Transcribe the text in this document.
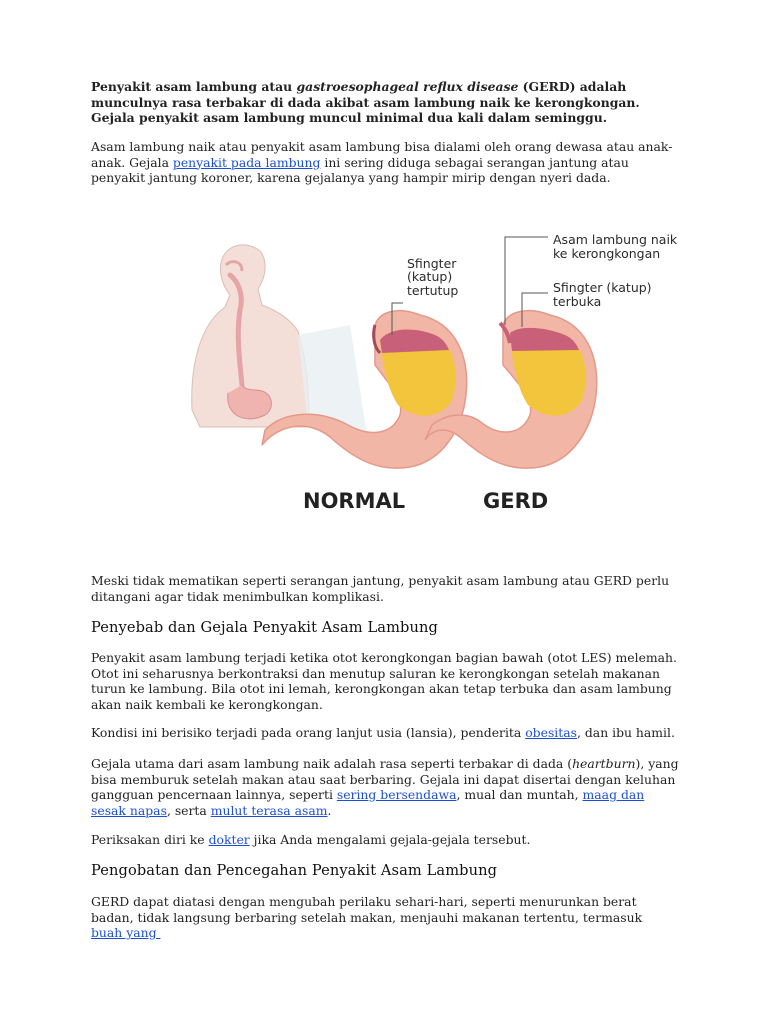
Penyakit asam lambung atau gastroesophageal reflux disease (GERD) adalah munculnya rasa terbakar di dada akibat asam lambung naik ke kerongkongan. Gejala penyakit asam lambung muncul minimal dua kali dalam seminggu.

Asam lambung naik atau penyakit asam lambung bisa dialami oleh orang dewasa atau anak-anak. Gejala penyakit pada lambung ini sering diduga sebagai serangan jantung atau penyakit jantung koroner, karena gejalanya yang hampir mirip dengan nyeri dada.

Sfingter
(katup)
tertutup
Asam lambung naik
ke kerongkongan
Sfingter (katup)
terbuka
NORMAL	GERD

Meski tidak mematikan seperti serangan jantung, penyakit asam lambung atau GERD perlu ditangani agar tidak menimbulkan komplikasi.

Penyebab dan Gejala Penyakit Asam Lambung

Penyakit asam lambung terjadi ketika otot kerongkongan bagian bawah (otot LES) melemah. Otot ini seharusnya berkontraksi dan menutup saluran ke kerongkongan setelah makanan turun ke lambung. Bila otot ini lemah, kerongkongan akan tetap terbuka dan asam lambung akan naik kembali ke kerongkongan.

Kondisi ini berisiko terjadi pada orang lanjut usia (lansia), penderita obesitas, dan ibu hamil.

Gejala utama dari asam lambung naik adalah rasa seperti terbakar di dada (heartburn), yang bisa memburuk setelah makan atau saat berbaring. Gejala ini dapat disertai dengan keluhan gangguan pencernaan lainnya, seperti sering bersendawa, mual dan muntah, maag dan sesak napas, serta mulut terasa asam.

Periksakan diri ke dokter jika Anda mengalami gejala-gejala tersebut.

Pengobatan dan Pencegahan Penyakit Asam Lambung

GERD dapat diatasi dengan mengubah perilaku sehari-hari, seperti menurunkan berat badan, tidak langsung berbaring setelah makan, menjauhi makanan tertentu, termasuk buah yang
